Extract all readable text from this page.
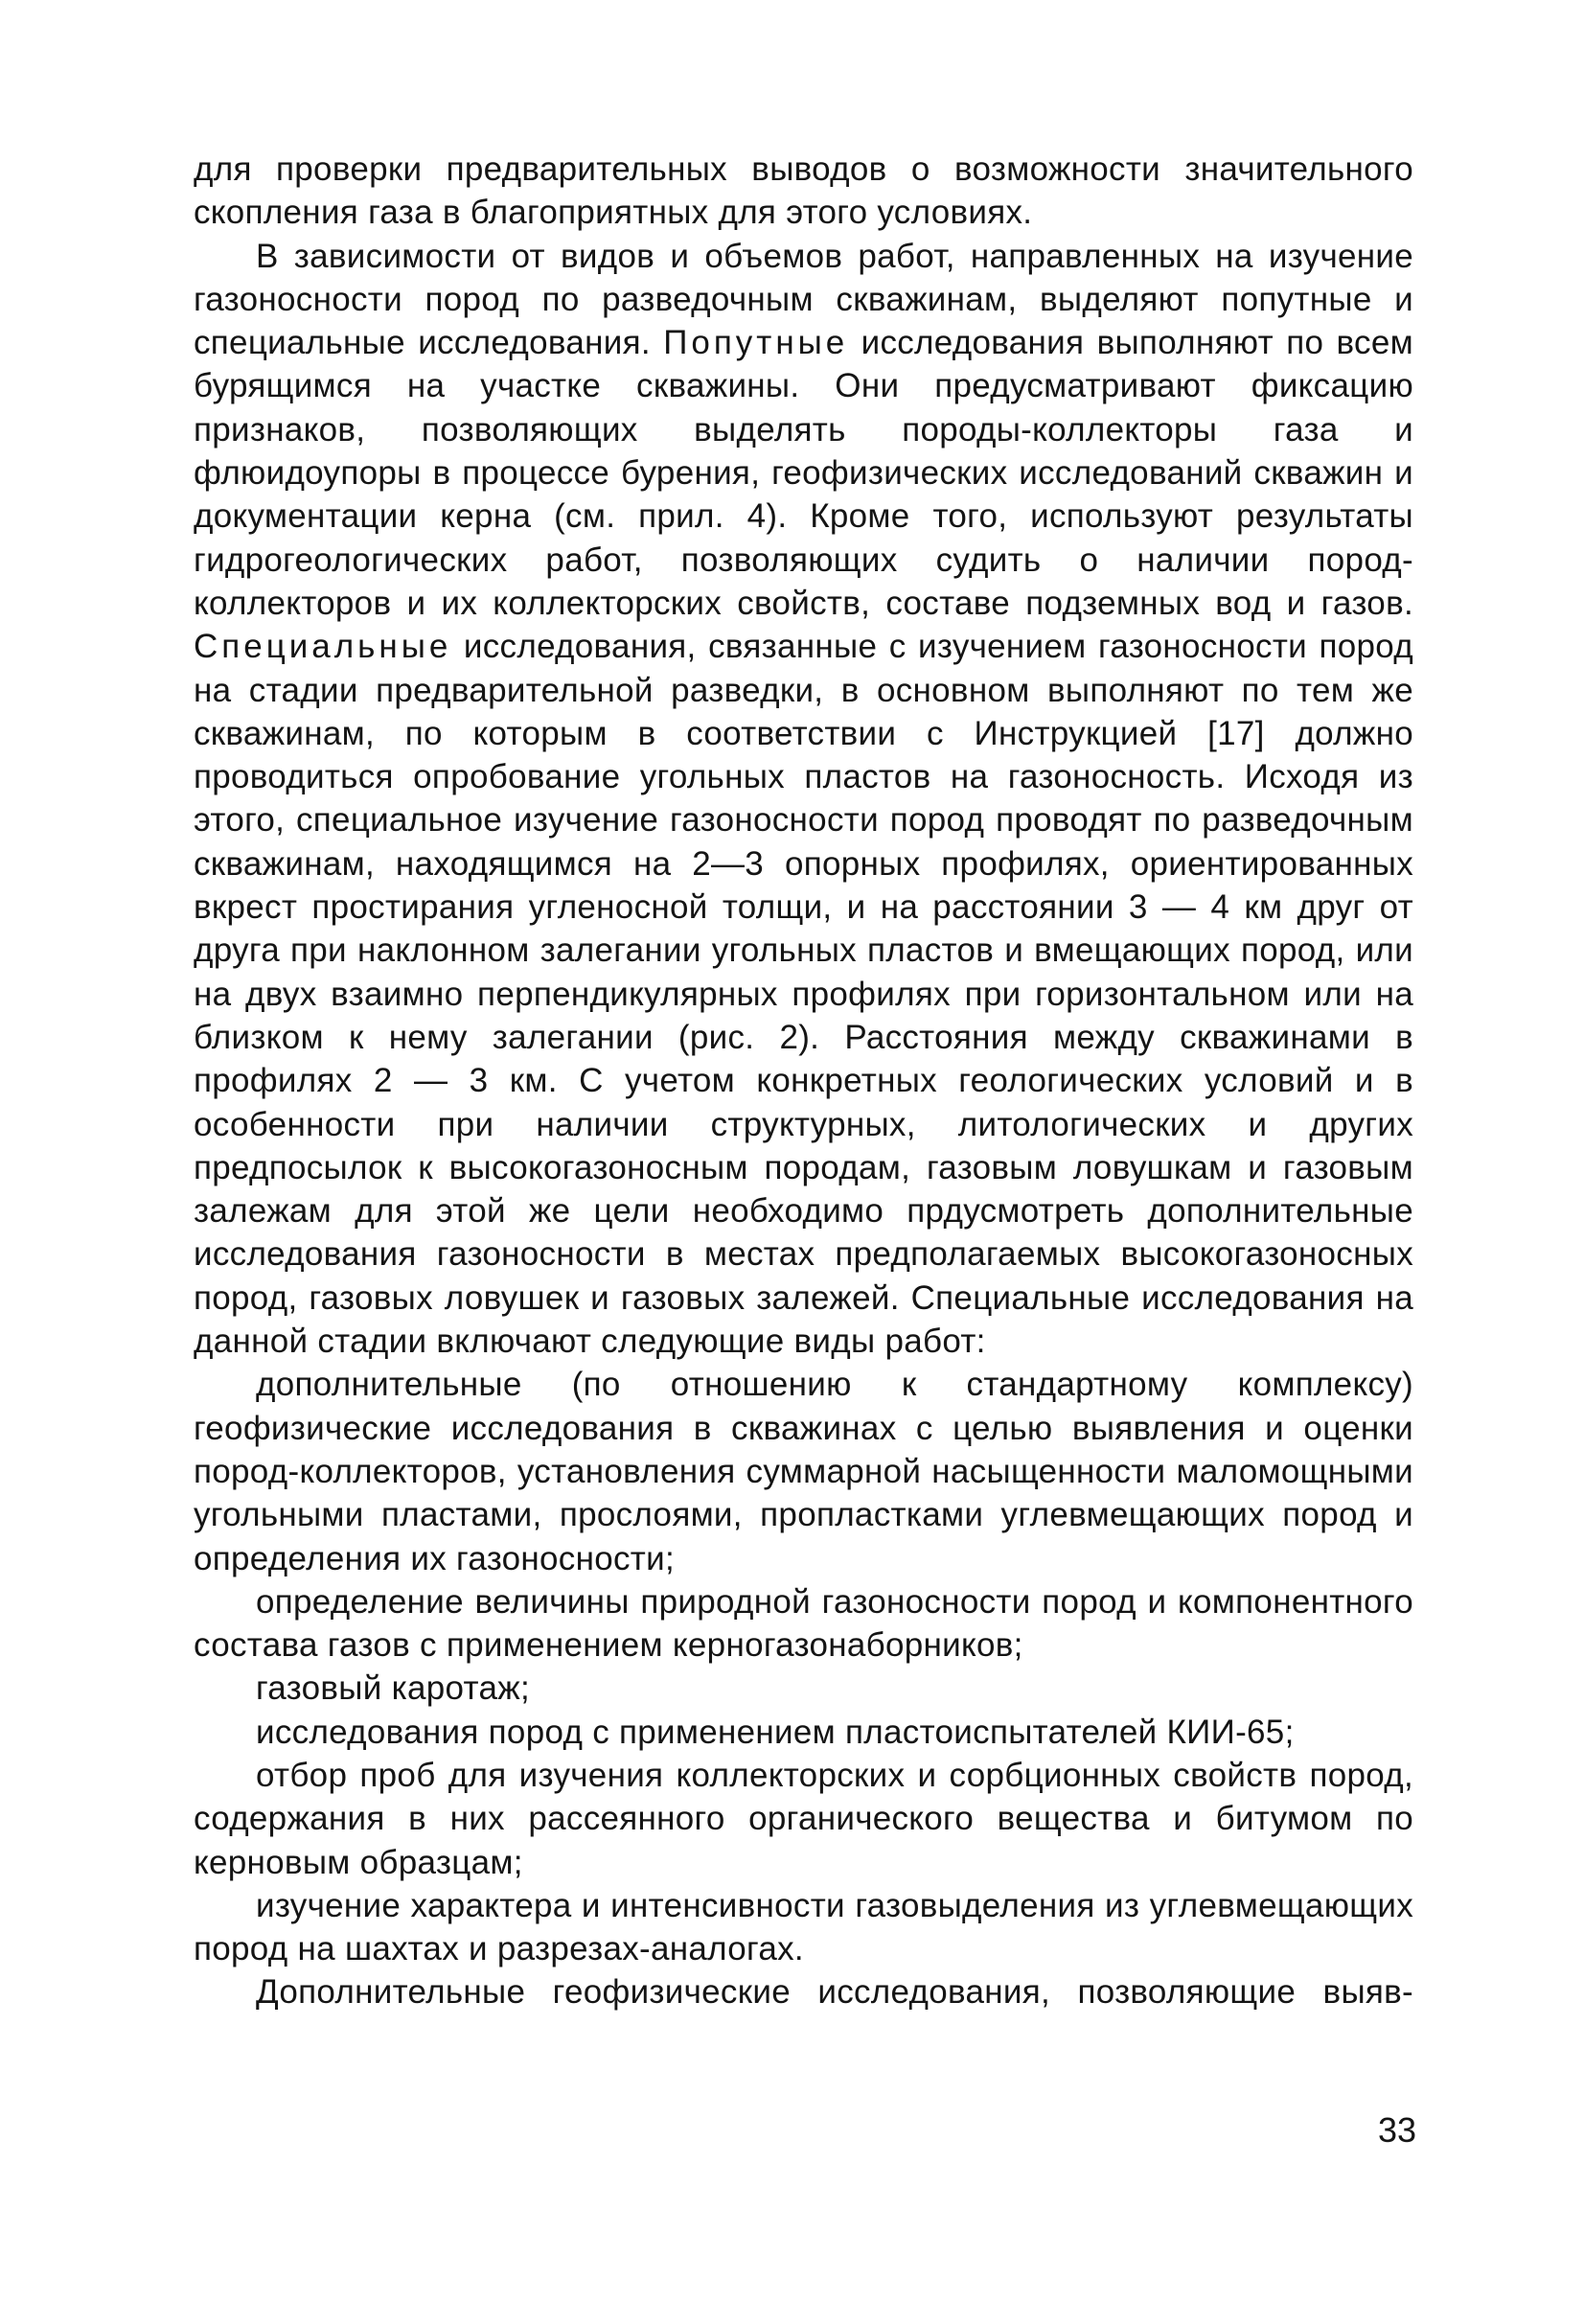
для проверки предварительных выводов о возможности значительного скопления газа в благоприятных для этого условиях.

В зависимости от видов и объемов работ, направленных на изучение газоносности пород по разведочным скважинам, выделяют попутные и специальные исследования. Попутные исследования выполняют по всем бурящимся на участке скважины. Они предусматривают фиксацию признаков, позволяющих выделять породы-коллекторы газа и флюидоупоры в процессе бурения, геофизических исследований скважин и документации керна (см. прил. 4). Кроме того, используют результаты гидрогеологических работ, позволяющих судить о наличии пород-коллекторов и их коллекторских свойств, составе подземных вод и газов. Специальные исследования, связанные с изучением газоносности пород на стадии предварительной разведки, в основном выполняют по тем же скважинам, по которым в соответствии с Инструкцией [17] должно проводиться опробование угольных пластов на газоносность. Исходя из этого, специальное изучение газоносности пород проводят по разведочным скважинам, находящимся на 2—3 опорных профилях, ориентированных вкрест простирания угленосной толщи, и на расстоянии 3 — 4 км друг от друга при наклонном залегании угольных пластов и вмещающих пород, или на двух взаимно перпендикулярных профилях при горизонтальном или на близком к нему залегании (рис. 2). Расстояния между скважинами в профилях 2 — 3 км. С учетом конкретных геологических условий и в особенности при наличии структурных, литологических и других предпосылок к высокогазоносным породам, газовым ловушкам и газовым залежам для этой же цели необходимо прдусмотреть дополнительные исследования газоносности в местах предполагаемых высокогазоносных пород, газовых ловушек и газовых залежей. Специальные исследования на данной стадии включают следующие виды работ:

дополнительные (по отношению к стандартному комплексу) геофизические исследования в скважинах с целью выявления и оценки пород-коллекторов, установления суммарной насыщенности маломощными угольными пластами, прослоями, пропластками углевмещающих пород и определения их газоносности;

определение величины природной газоносности пород и компонентного состава газов с применением керногазонаборников;

газовый каротаж;

исследования пород с применением пластоиспытателей КИИ-65;

отбор проб для изучения коллекторских и сорбционных свойств пород, содержания в них рассеянного органического вещества и битумом по керновым образцам;

изучение характера и интенсивности газовыделения из углевмещающих пород на шахтах и разрезах-аналогах.

Дополнительные геофизические исследования, позволяющие выяв-

33
